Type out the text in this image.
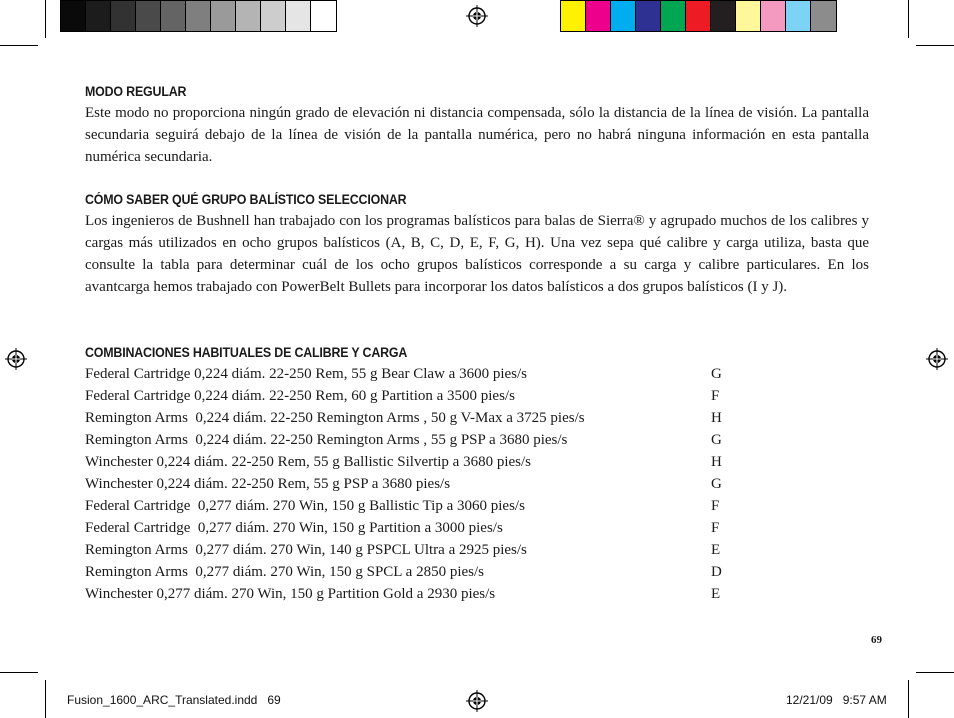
MODO REGULAR

Este modo no proporciona ningún grado de elevación ni distancia compensada, sólo la distancia de la línea de visión. La pantalla secundaria seguirá debajo de la línea de visión de la pantalla numérica, pero no habrá ninguna información en esta pantalla numérica secundaria.

CÓMO SABER QUÉ GRUPO BALÍSTICO SELECCIONAR

Los ingenieros de Bushnell han trabajado con los programas balísticos para balas de Sierra® y agrupado muchos de los calibres y cargas más utilizados en ocho grupos balísticos (A, B, C, D, E, F, G, H). Una vez sepa qué calibre y carga utiliza, basta que consulte la tabla para determinar cuál de los ocho grupos balísticos corresponde a su carga y calibre particulares. En los avantcarga hemos trabajado con PowerBelt Bullets para incorporar los datos balísticos a dos grupos balísticos (I y J).

COMBINACIONES HABITUALES DE CALIBRE Y CARGA
Federal Cartridge 0,224 diám. 22-250 Rem, 55 g Bear Claw a 3600 pies/s	G
Federal Cartridge 0,224 diám. 22-250 Rem, 60 g Partition a 3500 pies/s	F
Remington Arms  0,224 diám. 22-250 Remington Arms , 50 g V-Max a 3725 pies/s	H
Remington Arms  0,224 diám. 22-250 Remington Arms , 55 g PSP a 3680 pies/s	G
Winchester 0,224 diám. 22-250 Rem, 55 g Ballistic Silvertip a 3680 pies/s	H
Winchester 0,224 diám. 22-250 Rem, 55 g PSP a 3680 pies/s	G
Federal Cartridge  0,277 diám. 270 Win, 150 g Ballistic Tip a 3060 pies/s	F
Federal Cartridge  0,277 diám. 270 Win, 150 g Partition a 3000 pies/s	F
Remington Arms  0,277 diám. 270 Win, 140 g PSPCL Ultra a 2925 pies/s	E
Remington Arms  0,277 diám. 270 Win, 150 g SPCL a 2850 pies/s	D
Winchester 0,277 diám. 270 Win, 150 g Partition Gold a 2930 pies/s	E
69
Fusion_1600_ARC_Translated.indd   69	12/21/09   9:57 AM
